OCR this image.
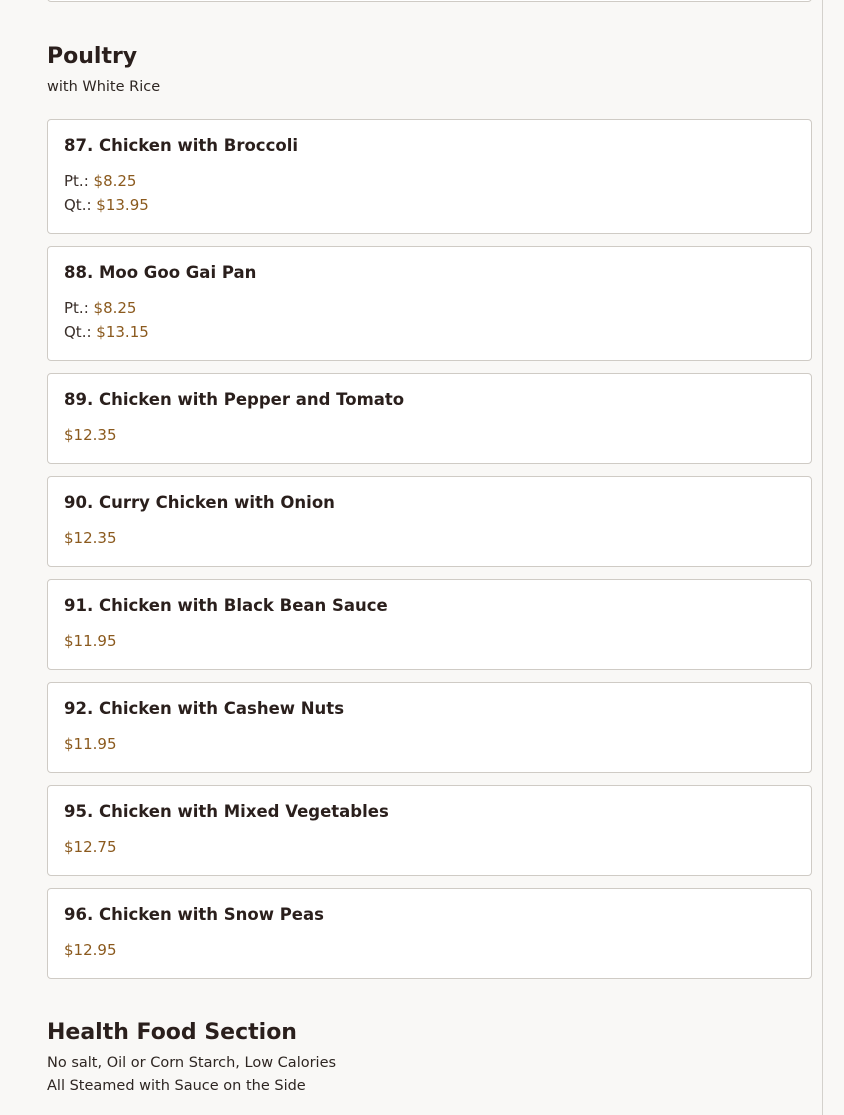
Poultry

with White Rice

87. Chicken with Broccoli
Pt.: $8.25
Qt.: $13.95
88. Moo Goo Gai Pan
Pt.: $8.25
Qt.: $13.15
89. Chicken with Pepper and Tomato
$12.35
90. Curry Chicken with Onion
$12.35
91. Chicken with Black Bean Sauce
$11.95
92. Chicken with Cashew Nuts
$11.95
95. Chicken with Mixed Vegetables
$12.75
96. Chicken with Snow Peas
$12.95
Health Food Section

No salt, Oil or Corn Starch, Low Calories

All Steamed with Sauce on the Side
